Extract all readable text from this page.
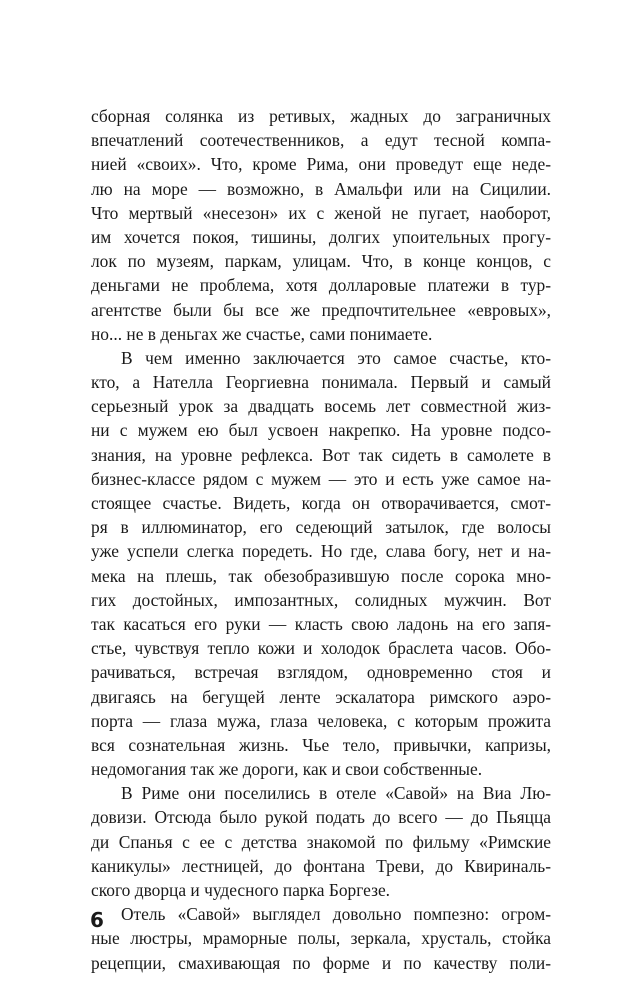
сборная солянка из ретивых, жадных до заграничных
впечатлений соотечественников, а едут тесной компа-
нией «своих». Что, кроме Рима, они проведут еще неде-
лю на море — возможно, в Амальфи или на Сицилии.
Что мертвый «несезон» их с женой не пугает, наоборот,
им хочется покоя, тишины, долгих упоительных прогу-
лок по музеям, паркам, улицам. Что, в конце концов, с
деньгами не проблема, хотя долларовые платежи в тур-
агентстве были бы все же предпочтительнее «евровых»,
но... не в деньгах же счастье, сами понимаете.
В чем именно заключается это самое счастье, кто-
кто, а Нателла Георгиевна понимала. Первый и самый
серьезный урок за двадцать восемь лет совместной жиз-
ни с мужем ею был усвоен накрепко. На уровне подсо-
знания, на уровне рефлекса. Вот так сидеть в самолете в
бизнес-классе рядом с мужем — это и есть уже самое на-
стоящее счастье. Видеть, когда он отворачивается, смот-
ря в иллюминатор, его седеющий затылок, где волосы
уже успели слегка поредеть. Но где, слава богу, нет и на-
мека на плешь, так обезобразившую после сорока мно-
гих достойных, импозантных, солидных мужчин. Вот
так касаться его руки — класть свою ладонь на его запя-
стье, чувствуя тепло кожи и холодок браслета часов. Обо-
рачиваться, встречая взглядом, одновременно стоя и
двигаясь на бегущей ленте эскалатора римского аэро-
порта — глаза мужа, глаза человека, с которым прожита
вся сознательная жизнь. Чье тело, привычки, капризы,
недомогания так же дороги, как и свои собственные.
В Риме они поселились в отеле «Савой» на Виа Лю-
довизи. Отсюда было рукой подать до всего — до Пьяцца
ди Спанья с ее с детства знакомой по фильму «Римские
каникулы» лестницей, до фонтана Треви, до Квириналь-
ского дворца и чудесного парка Боргезе.
Отель «Савой» выглядел довольно помпезно: огром-
ные люстры, мраморные полы, зеркала, хрусталь, стойка
рецепции, смахивающая по форме и по качеству поли-
6
